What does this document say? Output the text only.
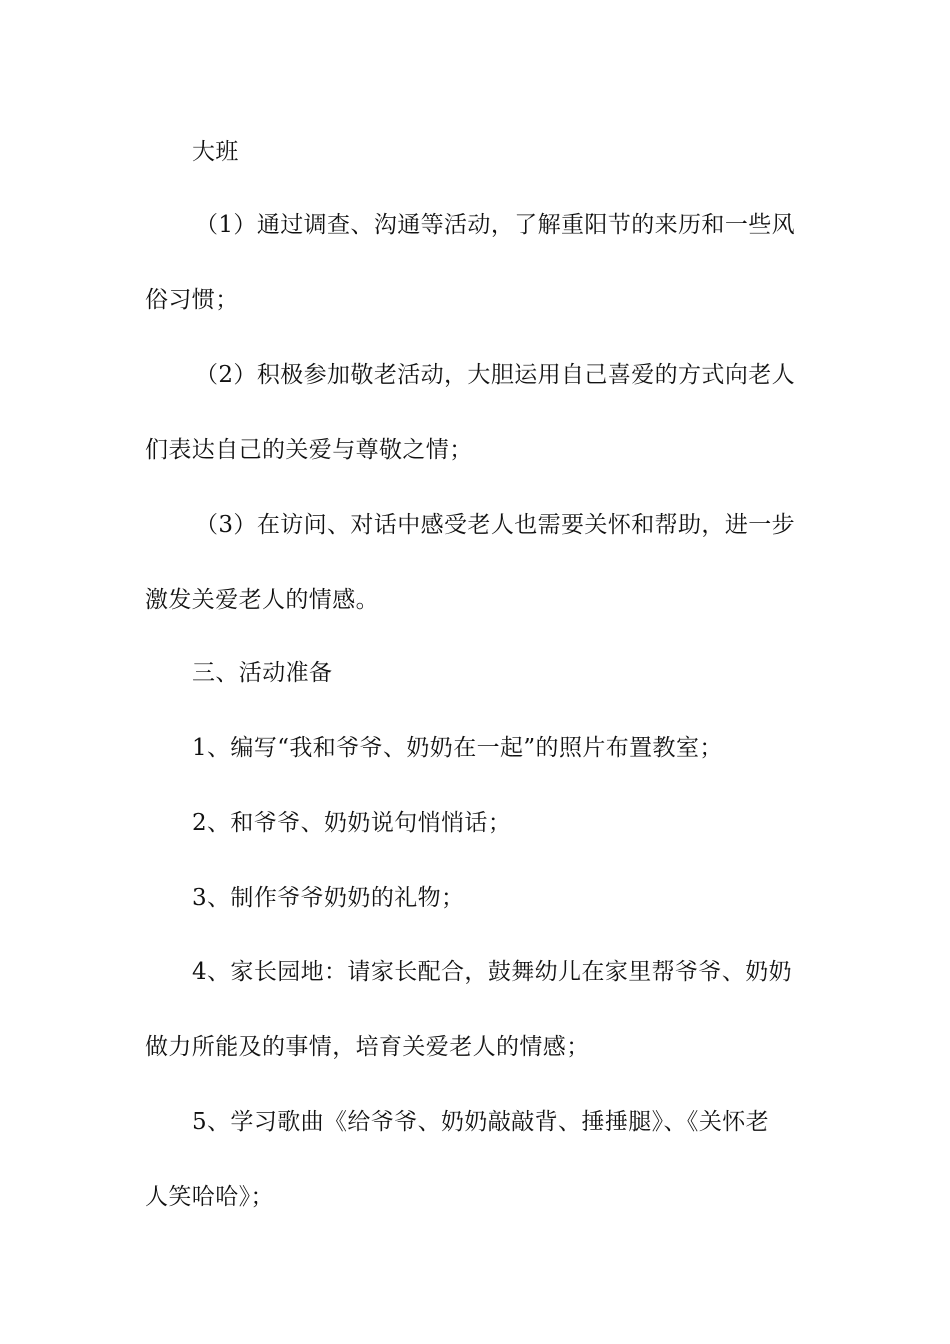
大班
（1）通过调查、沟通等活动，了解重阳节的来历和一些风
俗习惯；
（2）积极参加敬老活动，大胆运用自己喜爱的方式向老人
们表达自己的关爱与尊敬之情；
（3）在访问、对话中感受老人也需要关怀和帮助，进一步
激发关爱老人的情感。
三、活动准备
1、编写“我和爷爷、奶奶在一起”的照片布置教室；
2、和爷爷、奶奶说句悄悄话；
3、制作爷爷奶奶的礼物；
4、家长园地：请家长配合，鼓舞幼儿在家里帮爷爷、奶奶
做力所能及的事情，培育关爱老人的情感；
5、学习歌曲《给爷爷、奶奶敲敲背、捶捶腿》、《关怀老
人笑哈哈》；
